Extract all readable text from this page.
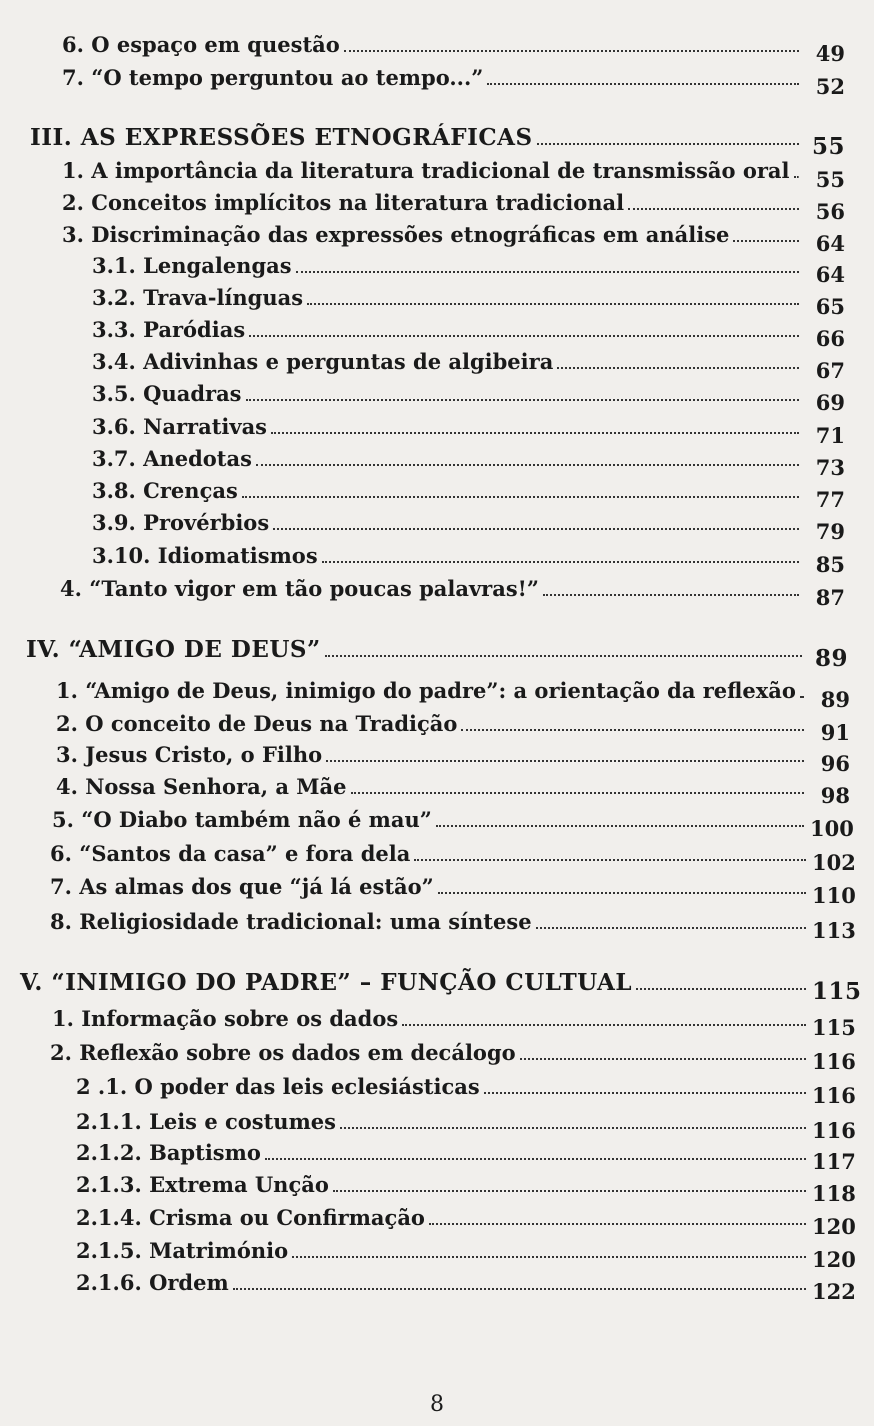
6. O espaço em questão	49
7. “O tempo perguntou ao tempo...”	52
III. AS EXPRESSÕES ETNOGRÁFICAS	55
1. A importância da literatura tradicional de transmissão oral	55
2. Conceitos implícitos na literatura tradicional	56
3. Discriminação das expressões etnográficas em análise	64
3.1. Lengalengas	64
3.2. Trava-línguas	65
3.3. Paródias	66
3.4. Adivinhas e perguntas de algibeira	67
3.5. Quadras	69
3.6. Narrativas	71
3.7. Anedotas	73
3.8. Crenças	77
3.9. Provérbios	79
3.10. Idiomatismos	85
4. “Tanto vigor em tão poucas palavras!”	87
IV. “AMIGO DE DEUS”	89
1. “Amigo de Deus, inimigo do padre”: a orientação da reflexão	89
2. O conceito de Deus na Tradição	91
3. Jesus Cristo, o Filho	96
4. Nossa Senhora, a Mãe	98
5. “O Diabo também não é mau”	100
6. “Santos da casa” e fora dela	102
7. As almas dos que “já lá estão”	110
8. Religiosidade tradicional: uma síntese	113
V. “INIMIGO DO PADRE” – FUNÇÃO CULTUAL	115
1. Informação sobre os dados	115
2. Reflexão sobre os dados em decálogo	116
2 .1. O poder das leis eclesiásticas	116
2.1.1. Leis e costumes	116
2.1.2. Baptismo	117
2.1.3. Extrema Unção	118
2.1.4. Crisma ou Confirmação	120
2.1.5. Matrimónio	120
2.1.6. Ordem	122
8
